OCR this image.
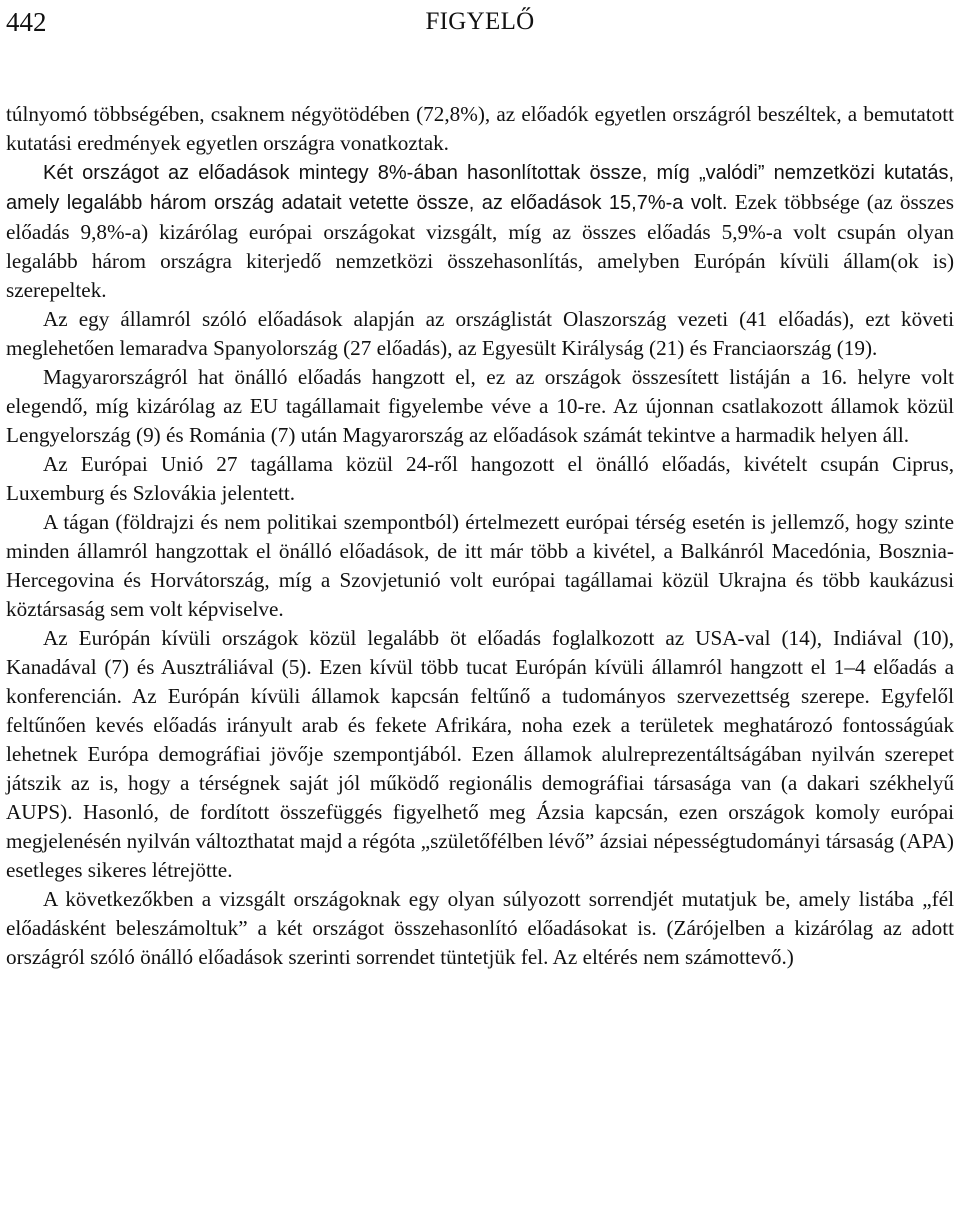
442	FIGYELŐ

túlnyomó többségében, csaknem négyötödében (72,8%), az előadók egyetlen országról beszéltek, a bemutatott kutatási eredmények egyetlen országra vonatkoztak.

Két országot az előadások mintegy 8%-ában hasonlítottak össze, míg „valódi” nemzetközi kutatás, amely legalább három ország adatait vetette össze, az előadások 15,7%-a volt. Ezek többsége (az összes előadás 9,8%-a) kizárólag európai országokat vizsgált, míg az összes előadás 5,9%-a volt csupán olyan legalább három országra kiterjedő nemzetközi összehasonlítás, amelyben Európán kívüli állam(ok is) szerepeltek.

Az egy államról szóló előadások alapján az országlistát Olaszország vezeti (41 előadás), ezt követi meglehetően lemaradva Spanyolország (27 előadás), az Egyesült Királyság (21) és Franciaország (19).

Magyarországról hat önálló előadás hangzott el, ez az országok összesített listáján a 16. helyre volt elegendő, míg kizárólag az EU tagállamait figyelembe véve a 10-re. Az újonnan csatlakozott államok közül Lengyelország (9) és Románia (7) után Magyarország az előadások számát tekintve a harmadik helyen áll.

Az Európai Unió 27 tagállama közül 24-ről hangozott el önálló előadás, kivételt csupán Ciprus, Luxemburg és Szlovákia jelentett.

A tágan (földrajzi és nem politikai szempontból) értelmezett európai térség esetén is jellemző, hogy szinte minden államról hangzottak el önálló előadások, de itt már több a kivétel, a Balkánról Macedónia, Bosznia-Hercegovina és Horvátország, míg a Szovjetunió volt európai tagállamai közül Ukrajna és több kaukázusi köztársaság sem volt képviselve.

Az Európán kívüli országok közül legalább öt előadás foglalkozott az USA-val (14), Indiával (10), Kanadával (7) és Ausztráliával (5). Ezen kívül több tucat Európán kívüli államról hangzott el 1–4 előadás a konferencián. Az Európán kívüli államok kapcsán feltűnő a tudományos szervezettség szerepe. Egyfelől feltűnően kevés előadás irányult arab és fekete Afrikára, noha ezek a területek meghatározó fontosságúak lehetnek Európa demográfiai jövője szempontjából. Ezen államok alulreprezentáltságában nyilván szerepet játszik az is, hogy a térségnek saját jól működő regionális demográfiai társasága van (a dakari székhelyű AUPS). Hasonló, de fordított összefüggés figyelhető meg Ázsia kapcsán, ezen országok komoly európai megjelenésén nyilván változthatat majd a régóta „születőfélben lévő” ázsiai népességtudományi társaság (APA) esetleges sikeres létrejötte.

A következőkben a vizsgált országoknak egy olyan súlyozott sorrendjét mutatjuk be, amely listába „fél előadásként beleszámoltuk” a két országot összehasonlító előadásokat is. (Zárójelben a kizárólag az adott országról szóló önálló előadások szerinti sorrendet tüntetjük fel. Az eltérés nem számottevő.)
